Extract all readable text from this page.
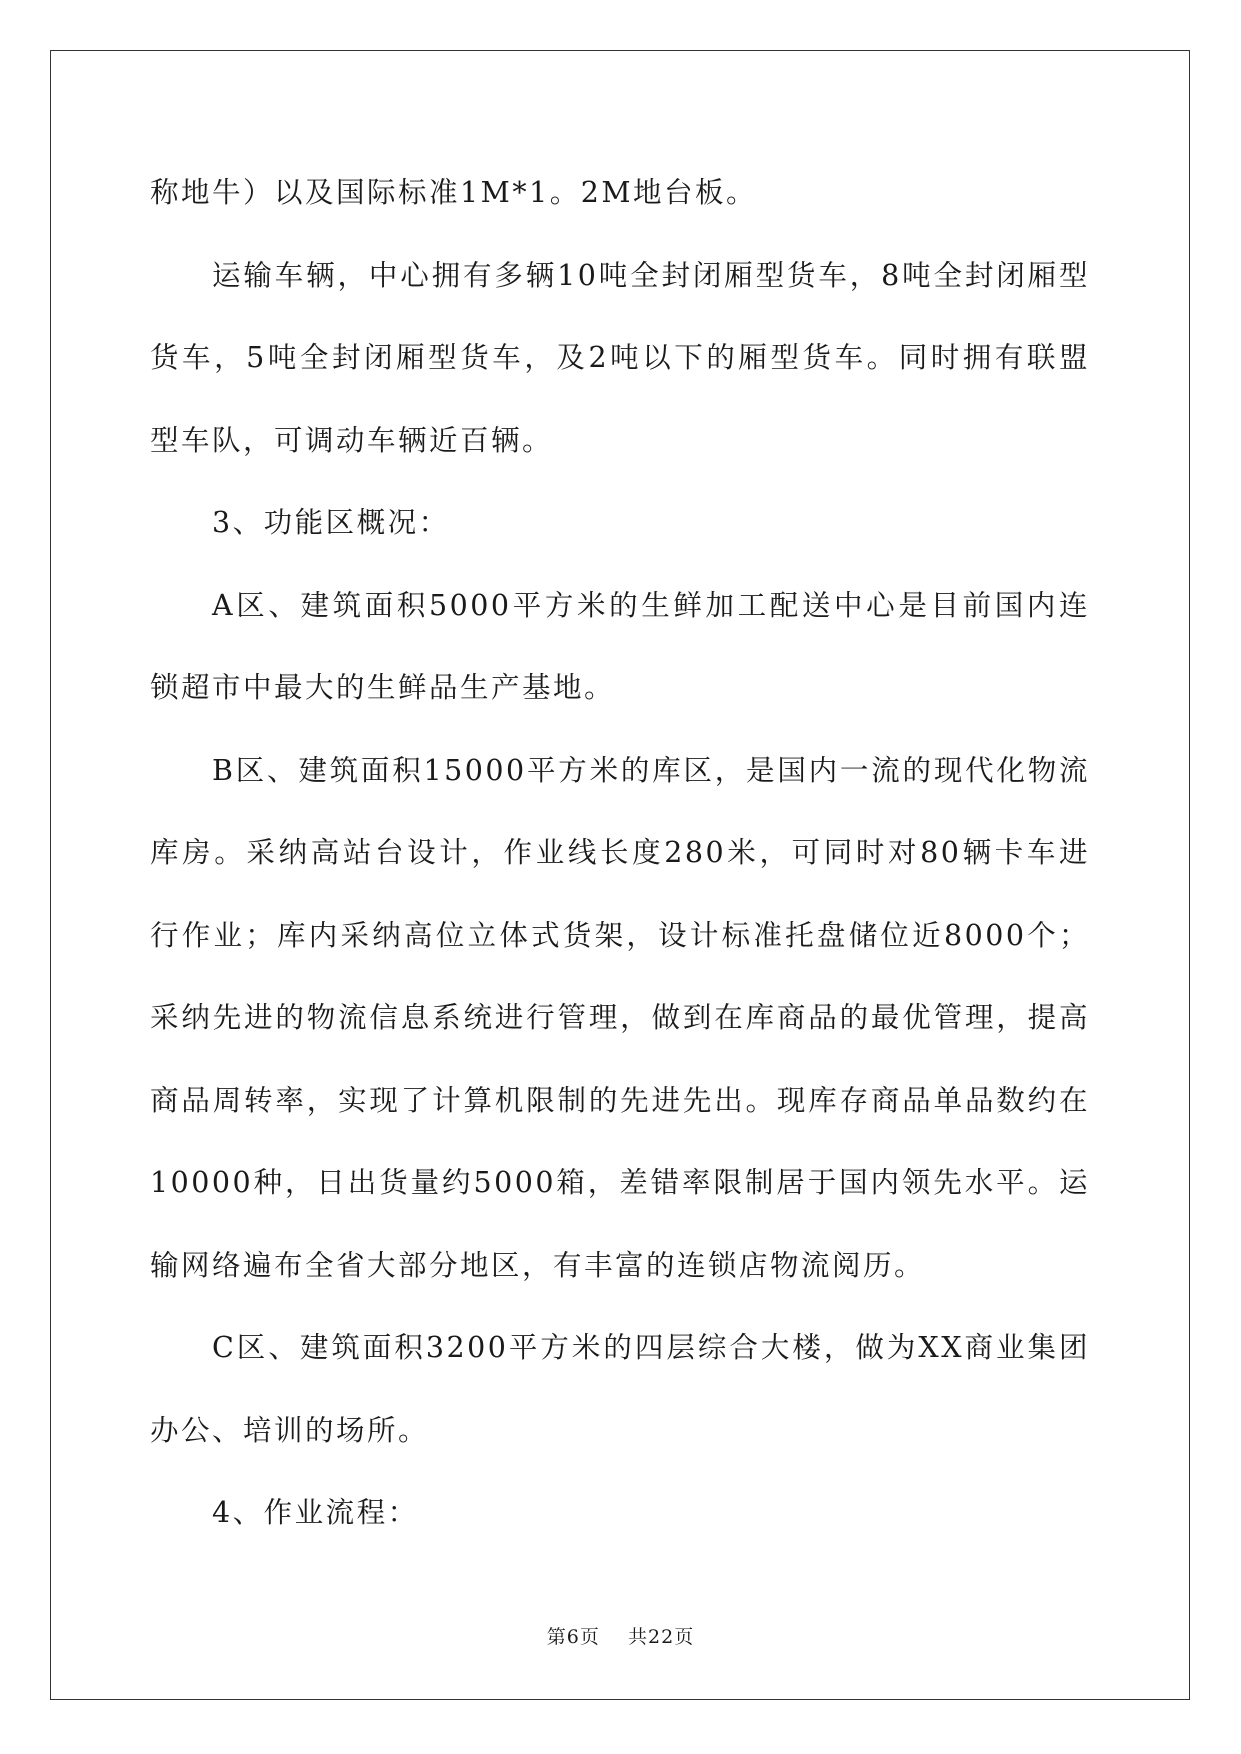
称地牛）以及国际标准1M*1。2M地台板。

运输车辆，中心拥有多辆10吨全封闭厢型货车，8吨全封闭厢型货车，5吨全封闭厢型货车，及2吨以下的厢型货车。同时拥有联盟型车队，可调动车辆近百辆。

3、功能区概况：

A区、建筑面积5000平方米的生鲜加工配送中心是目前国内连锁超市中最大的生鲜品生产基地。

B区、建筑面积15000平方米的库区，是国内一流的现代化物流库房。采纳高站台设计，作业线长度280米，可同时对80辆卡车进行作业；库内采纳高位立体式货架，设计标准托盘储位近8000个；采纳先进的物流信息系统进行管理，做到在库商品的最优管理，提高商品周转率，实现了计算机限制的先进先出。现库存商品单品数约在10000种，日出货量约5000箱，差错率限制居于国内领先水平。运输网络遍布全省大部分地区，有丰富的连锁店物流阅历。

C区、建筑面积3200平方米的四层综合大楼，做为XX商业集团办公、培训的场所。

4、作业流程：

第6页 共22页
